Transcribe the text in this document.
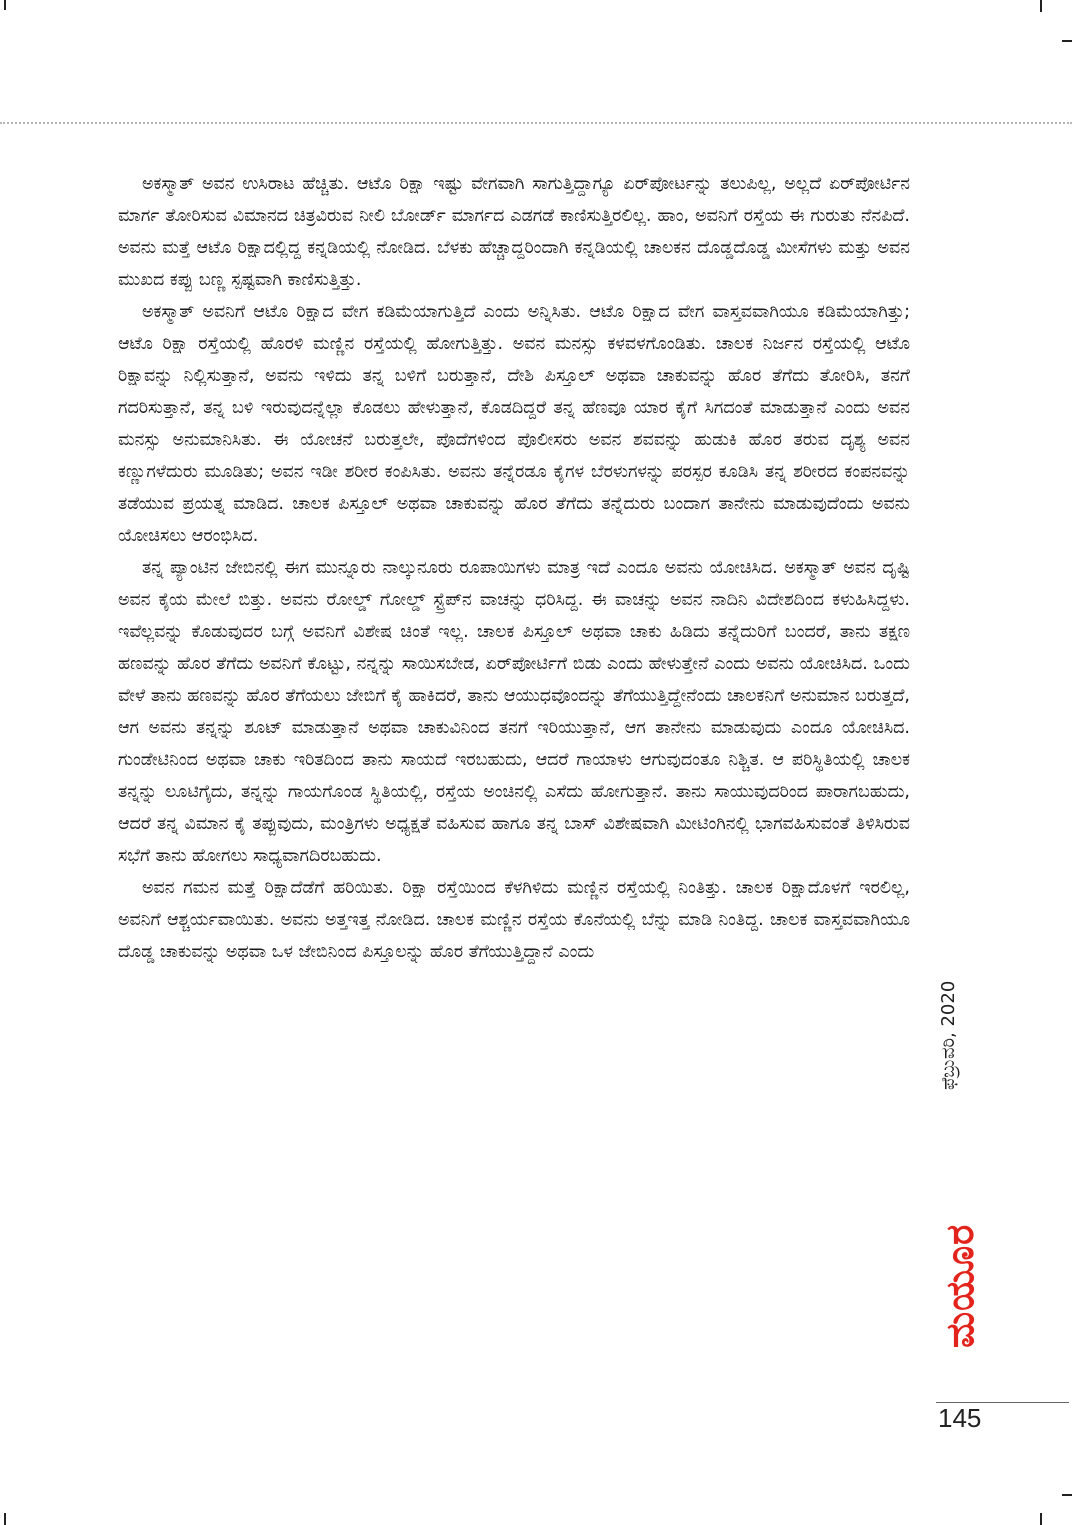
ಅಕಸ್ಮಾತ್ ಅವನ ಉಸಿರಾಟ ಹೆಚ್ಚಿತು. ಆಟೊ ರಿಕ್ಷಾ ಇಷ್ಟು ವೇಗವಾಗಿ ಸಾಗುತ್ತಿದ್ದಾಗ್ಯೂ ಏರ್‌ಪೋರ್ಟನ್ನು ತಲುಪಿಲ್ಲ, ಅಲ್ಲದೆ ಏರ್‌ಪೋರ್ಟಿನ ಮಾರ್ಗ ತೋರಿಸುವ ವಿಮಾನದ ಚಿತ್ರವಿರುವ ನೀಲಿ ಬೋರ್ಡ್ ಮಾರ್ಗದ ಎಡಗಡೆ ಕಾಣಿಸುತ್ತಿರಲಿಲ್ಲ. ಹಾಂ, ಅವನಿಗೆ ರಸ್ತೆಯ ಈ ಗುರುತು ನೆನಪಿದೆ. ಅವನು ಮತ್ತೆ ಆಟೊ ರಿಕ್ಷಾದಲ್ಲಿದ್ದ ಕನ್ನಡಿಯಲ್ಲಿ ನೋಡಿದ. ಬೆಳಕು ಹೆಚ್ಚಾದ್ದರಿಂದಾಗಿ ಕನ್ನಡಿಯಲ್ಲಿ ಚಾಲಕನ ದೊಡ್ಡದೊಡ್ಡ ಮೀಸೆಗಳು ಮತ್ತು ಅವನ ಮುಖದ ಕಪ್ಪು ಬಣ್ಣ ಸ್ಪಷ್ಟವಾಗಿ ಕಾಣಿಸುತ್ತಿತ್ತು.

ಅಕಸ್ಮಾತ್ ಅವನಿಗೆ ಆಟೊ ರಿಕ್ಷಾದ ವೇಗ ಕಡಿಮೆಯಾಗುತ್ತಿದೆ ಎಂದು ಅನ್ನಿಸಿತು. ಆಟೊ ರಿಕ್ಷಾದ ವೇಗ ವಾಸ್ತವವಾಗಿಯೂ ಕಡಿಮೆಯಾಗಿತ್ತು; ಆಟೊ ರಿಕ್ಷಾ ರಸ್ತೆಯಲ್ಲಿ ಹೊರಳಿ ಮಣ್ಣಿನ ರಸ್ತೆಯಲ್ಲಿ ಹೋಗುತ್ತಿತ್ತು. ಅವನ ಮನಸ್ಸು ಕಳವಳಗೊಂಡಿತು. ಚಾಲಕ ನಿರ್ಜನ ರಸ್ತೆಯಲ್ಲಿ ಆಟೊ ರಿಕ್ಷಾವನ್ನು ನಿಲ್ಲಿಸುತ್ತಾನೆ, ಅವನು ಇಳಿದು ತನ್ನ ಬಳಿಗೆ ಬರುತ್ತಾನೆ, ದೇಶಿ ಪಿಸ್ತೂಲ್ ಅಥವಾ ಚಾಕುವನ್ನು ಹೊರ ತೆಗೆದು ತೋರಿಸಿ, ತನಗೆ ಗದರಿಸುತ್ತಾನೆ, ತನ್ನ ಬಳಿ ಇರುವುದನ್ನೆಲ್ಲಾ ಕೊಡಲು ಹೇಳುತ್ತಾನೆ, ಕೊಡದಿದ್ದರೆ ತನ್ನ ಹೆಣವೂ ಯಾರ ಕೈಗೆ ಸಿಗದಂತೆ ಮಾಡುತ್ತಾನೆ ಎಂದು ಅವನ ಮನಸ್ಸು ಅನುಮಾನಿಸಿತು. ಈ ಯೋಚನೆ ಬರುತ್ತಲೇ, ಪೊದೆಗಳಿಂದ ಪೊಲೀಸರು ಅವನ ಶವವನ್ನು ಹುಡುಕಿ ಹೊರ ತರುವ ದೃಶ್ಯ ಅವನ ಕಣ್ಣುಗಳೆದುರು ಮೂಡಿತು; ಅವನ ಇಡೀ ಶರೀರ ಕಂಪಿಸಿತು. ಅವನು ತನ್ನೆರಡೂ ಕೈಗಳ ಬೆರಳುಗಳನ್ನು ಪರಸ್ಪರ ಕೂಡಿಸಿ ತನ್ನ ಶರೀರದ ಕಂಪನವನ್ನು ತಡೆಯುವ ಪ್ರಯತ್ನ ಮಾಡಿದ. ಚಾಲಕ ಪಿಸ್ತೂಲ್ ಅಥವಾ ಚಾಕುವನ್ನು ಹೊರ ತೆಗೆದು ತನ್ನೆದುರು ಬಂದಾಗ ತಾನೇನು ಮಾಡುವುದೆಂದು ಅವನು ಯೋಚಿಸಲು ಆರಂಭಿಸಿದ.

ತನ್ನ ಪ್ಯಾಂಟಿನ ಜೇಬಿನಲ್ಲಿ ಈಗ ಮುನ್ನೂರು ನಾಲ್ಕುನೂರು ರೂಪಾಯಿಗಳು ಮಾತ್ರ ಇದೆ ಎಂದೂ ಅವನು ಯೋಚಿಸಿದ. ಅಕಸ್ಮಾತ್ ಅವನ ದೃಷ್ಟಿ ಅವನ ಕೈಯ ಮೇಲೆ ಬಿತ್ತು. ಅವನು ರೋಲ್ಡ್ ಗೋಲ್ಡ್ ಸ್ಟ್ರೆಪ್‌ನ ವಾಚನ್ನು ಧರಿಸಿದ್ದ. ಈ ವಾಚನ್ನು ಅವನ ನಾದಿನಿ ವಿದೇಶದಿಂದ ಕಳುಹಿಸಿದ್ದಳು. ಇವೆಲ್ಲವನ್ನು ಕೊಡುವುದರ ಬಗ್ಗೆ ಅವನಿಗೆ ವಿಶೇಷ ಚಿಂತೆ ಇಲ್ಲ. ಚಾಲಕ ಪಿಸ್ತೂಲ್ ಅಥವಾ ಚಾಕು ಹಿಡಿದು ತನ್ನೆದುರಿಗೆ ಬಂದರೆ, ತಾನು ತಕ್ಷಣ ಹಣವನ್ನು ಹೊರ ತೆಗೆದು ಅವನಿಗೆ ಕೊಟ್ಟು, ನನ್ನನ್ನು ಸಾಯಿಸಬೇಡ, ಏರ್‌ಪೋರ್ಟಿಗೆ ಬಿಡು ಎಂದು ಹೇಳುತ್ತೇನೆ ಎಂದು ಅವನು ಯೋಚಿಸಿದ. ಒಂದು ವೇಳೆ ತಾನು ಹಣವನ್ನು ಹೊರ ತೆಗೆಯಲು ಜೇಬಿಗೆ ಕೈ ಹಾಕಿದರೆ, ತಾನು ಆಯುಧವೊಂದನ್ನು ತೆಗೆಯುತ್ತಿದ್ದೇನೆಂದು ಚಾಲಕನಿಗೆ ಅನುಮಾನ ಬರುತ್ತದೆ, ಆಗ ಅವನು ತನ್ನನ್ನು ಶೂಟ್ ಮಾಡುತ್ತಾನೆ ಅಥವಾ ಚಾಕುವಿನಿಂದ ತನಗೆ ಇರಿಯುತ್ತಾನೆ, ಆಗ ತಾನೇನು ಮಾಡುವುದು ಎಂದೂ ಯೋಚಿಸಿದ. ಗುಂಡೇಟಿನಿಂದ ಅಥವಾ ಚಾಕು ಇರಿತದಿಂದ ತಾನು ಸಾಯದೆ ಇರಬಹುದು, ಆದರೆ ಗಾಯಾಳು ಆಗುವುದಂತೂ ನಿಶ್ಚಿತ. ಆ ಪರಿಸ್ಥಿತಿಯಲ್ಲಿ ಚಾಲಕ ತನ್ನನ್ನು ಲೂಟಿಗೈದು, ತನ್ನನ್ನು ಗಾಯಗೊಂಡ ಸ್ಥಿತಿಯಲ್ಲಿ, ರಸ್ತೆಯ ಅಂಚಿನಲ್ಲಿ ಎಸೆದು ಹೋಗುತ್ತಾನೆ. ತಾನು ಸಾಯುವುದರಿಂದ ಪಾರಾಗಬಹುದು, ಆದರೆ ತನ್ನ ವಿಮಾನ ಕೈ ತಪ್ಪುವುದು, ಮಂತ್ರಿಗಳು ಅಧ್ಯಕ್ಷತೆ ವಹಿಸುವ ಹಾಗೂ ತನ್ನ ಬಾಸ್ ವಿಶೇಷವಾಗಿ ಮೀಟಿಂಗಿನಲ್ಲಿ ಭಾಗವಹಿಸುವಂತೆ ತಿಳಿಸಿರುವ ಸಭೆಗೆ ತಾನು ಹೋಗಲು ಸಾಧ್ಯವಾಗದಿರಬಹುದು.

ಅವನ ಗಮನ ಮತ್ತೆ ರಿಕ್ಷಾದೆಡೆಗೆ ಹರಿಯಿತು. ರಿಕ್ಷಾ ರಸ್ತೆಯಿಂದ ಕೆಳಗಿಳಿದು ಮಣ್ಣಿನ ರಸ್ತೆಯಲ್ಲಿ ನಿಂತಿತ್ತು. ಚಾಲಕ ರಿಕ್ಷಾದೊಳಗೆ ಇರಲಿಲ್ಲ, ಅವನಿಗೆ ಆಶ್ಚರ್ಯವಾಯಿತು. ಅವನು ಅತ್ತಇತ್ತ ನೋಡಿದ. ಚಾಲಕ ಮಣ್ಣಿನ ರಸ್ತೆಯ ಕೊನೆಯಲ್ಲಿ ಬೆನ್ನು ಮಾಡಿ ನಿಂತಿದ್ದ. ಚಾಲಕ ವಾಸ್ತವವಾಗಿಯೂ ದೊಡ್ಡ ಚಾಕುವನ್ನು ಅಥವಾ ಒಳ ಜೇಬಿನಿಂದ ಪಿಸ್ತೂಲನ್ನು ಹೊರ ತೆಗೆಯುತ್ತಿದ್ದಾನೆ ಎಂದು

ಫೆಬ್ರುವರಿ, 2020
ಮಯೂರ
145
